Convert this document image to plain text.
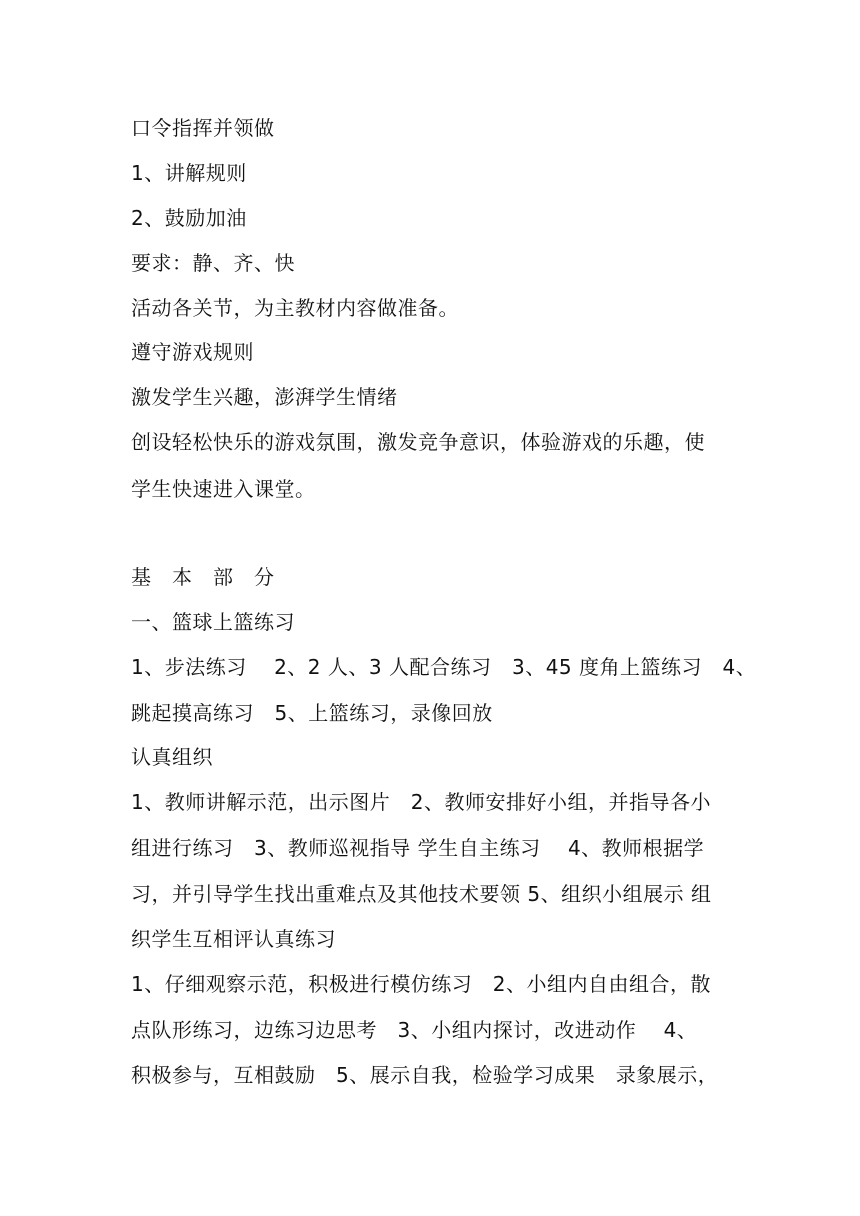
口令指挥并领做
1、讲解规则
2、鼓励加油
要求：静、齐、快
活动各关节，为主教材内容做准备。
遵守游戏规则
激发学生兴趣，澎湃学生情绪
创设轻松快乐的游戏氛围，激发竞争意识，体验游戏的乐趣，使
学生快速进入课堂。
基　本　部　分
一、篮球上篮练习
1、步法练习　 2、2 人、3 人配合练习　3、45 度角上篮练习　4、
跳起摸高练习　5、上篮练习，录像回放
认真组织
1、教师讲解示范，出示图片　2、教师安排好小组，并指导各小
组进行练习　3、教师巡视指导 学生自主练习　 4、教师根据学
习，并引导学生找出重难点及其他技术要领 5、组织小组展示 组
织学生互相评认真练习
1、仔细观察示范，积极进行模仿练习　2、小组内自由组合，散
点队形练习，边练习边思考　3、小组内探讨，改进动作　 4、
积极参与，互相鼓励　5、展示自我，检验学习成果　录象展示，
